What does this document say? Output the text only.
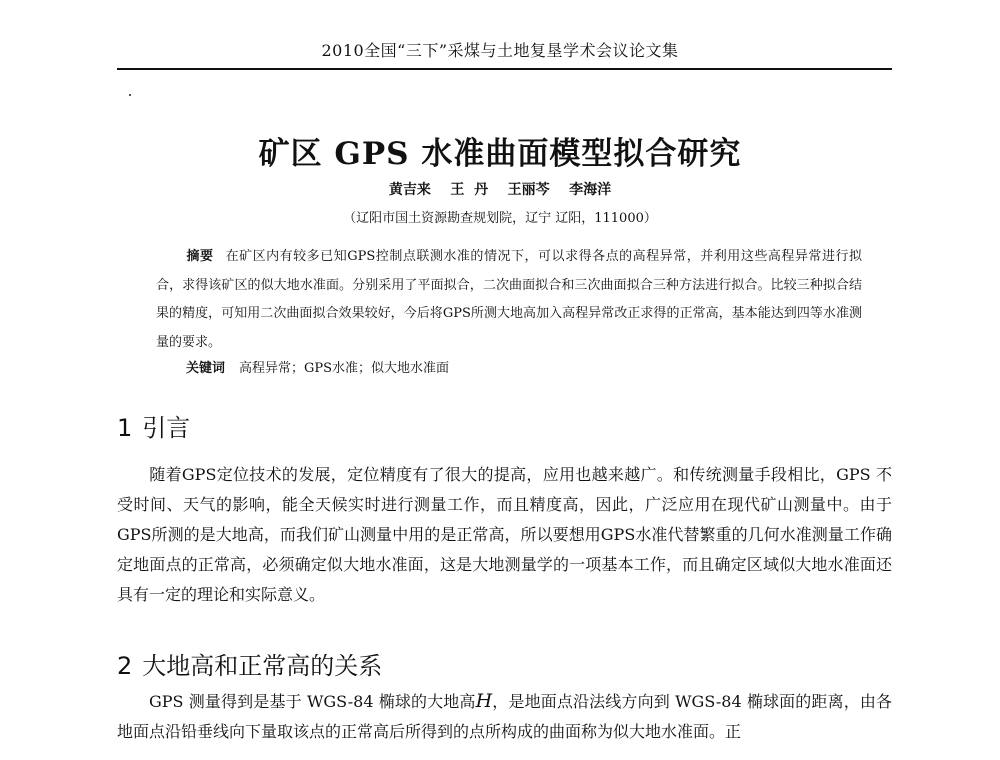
2010全国“三下”采煤与土地复垦学术会议论文集
矿区 GPS 水准曲面模型拟合研究
黄吉来    王  丹    王丽芩    李海洋
（辽阳市国土资源勘查规划院，辽宁 辽阳，111000）
摘要 在矿区内有较多已知GPS控制点联测水准的情况下，可以求得各点的高程异常，并利用这些高程异常进行拟合，求得该矿区的似大地水准面。分别采用了平面拟合，二次曲面拟合和三次曲面拟合三种方法进行拟合。比较三种拟合结果的精度，可知用二次曲面拟合效果较好，今后将GPS所测大地高加入高程异常改正求得的正常高，基本能达到四等水准测量的要求。
关键词 高程异常；GPS水准；似大地水准面
1 引言
随着GPS定位技术的发展，定位精度有了很大的提高，应用也越来越广。和传统测量手段相比，GPS 不受时间、天气的影响，能全天候实时进行测量工作，而且精度高，因此，广泛应用在现代矿山测量中。由于GPS所测的是大地高，而我们矿山测量中用的是正常高，所以要想用GPS水准代替繁重的几何水准测量工作确定地面点的正常高，必须确定似大地水准面，这是大地测量学的一项基本工作，而且确定区域似大地水准面还具有一定的理论和实际意义。
2 大地高和正常高的关系
GPS 测量得到是基于 WGS-84 椭球的大地高H，是地面点沿法线方向到 WGS-84 椭球面的距离，由各地面点沿铅垂线向下量取该点的正常高后所得到的点所构成的曲面称为似大地水准面。正
